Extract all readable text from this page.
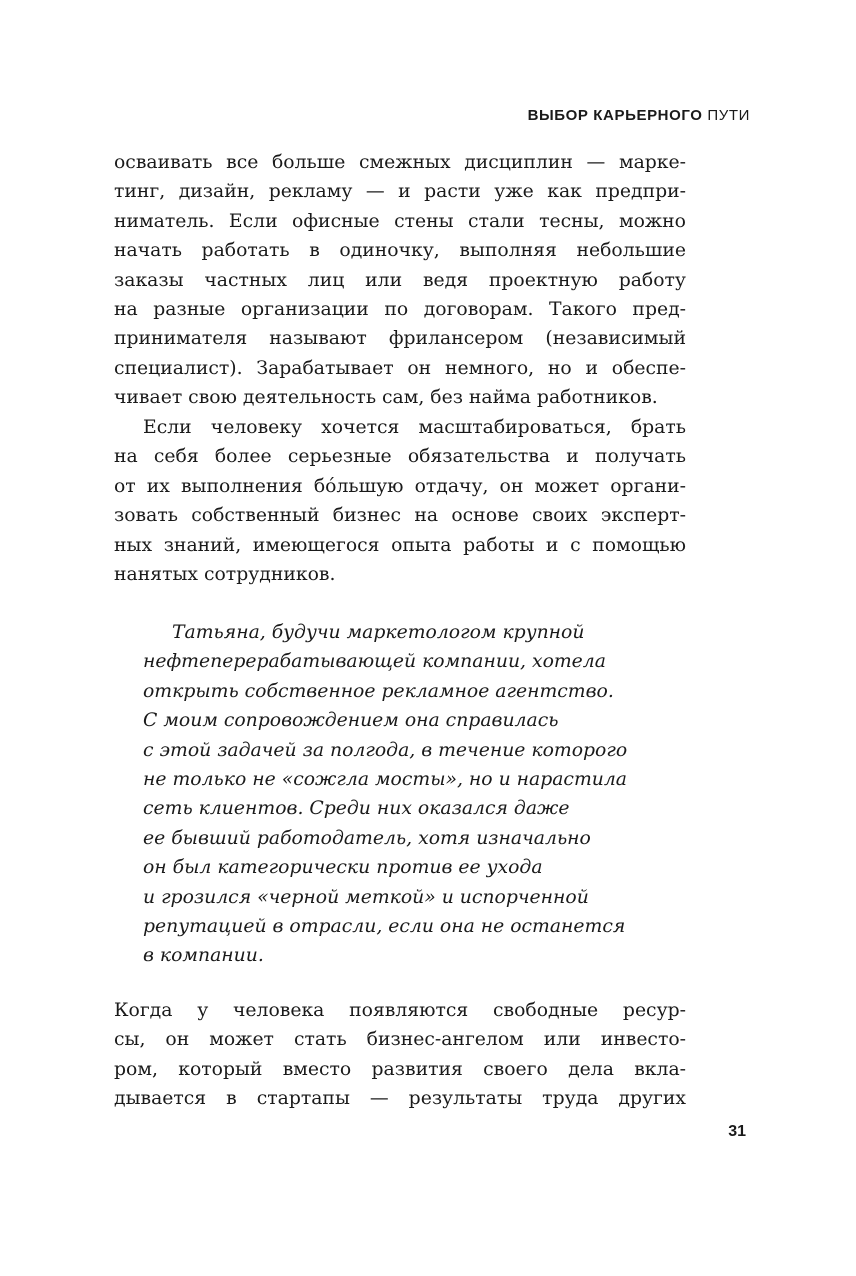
ВЫБОР КАРЬЕРНОГО ПУТИ
осваивать все больше смежных дисциплин — марке-
тинг, дизайн, рекламу — и расти уже как предпри-
ниматель. Если офисные стены стали тесны, можно
начать работать в одиночку, выполняя небольшие
заказы частных лиц или ведя проектную работу
на разные организации по договорам. Такого пред-
принимателя называют фрилансером (независимый
специалист). Зарабатывает он немного, но и обеспе-
чивает свою деятельность сам, без найма работников.
Если человеку хочется масштабироваться, брать
на себя более серьезные обязательства и получать
от их выполнения бо́льшую отдачу, он может органи-
зовать собственный бизнес на основе своих эксперт-
ных знаний, имеющегося опыта работы и с помощью
нанятых сотрудников.
Татьяна, будучи маркетологом крупной
нефтеперерабатывающей компании, хотела
открыть собственное рекламное агентство.
С моим сопровождением она справилась
с этой задачей за полгода, в течение которого
не только не «сожгла мосты», но и нарастила
сеть клиентов. Среди них оказался даже
ее бывший работодатель, хотя изначально
он был категорически против ее ухода
и грозился «черной меткой» и испорченной
репутацией в отрасли, если она не останется
в компании.
Когда у человека появляются свободные ресур-
сы, он может стать бизнес-ангелом или инвесто-
ром, который вместо развития своего дела вкла-
дывается в стартапы — результаты труда других
31
